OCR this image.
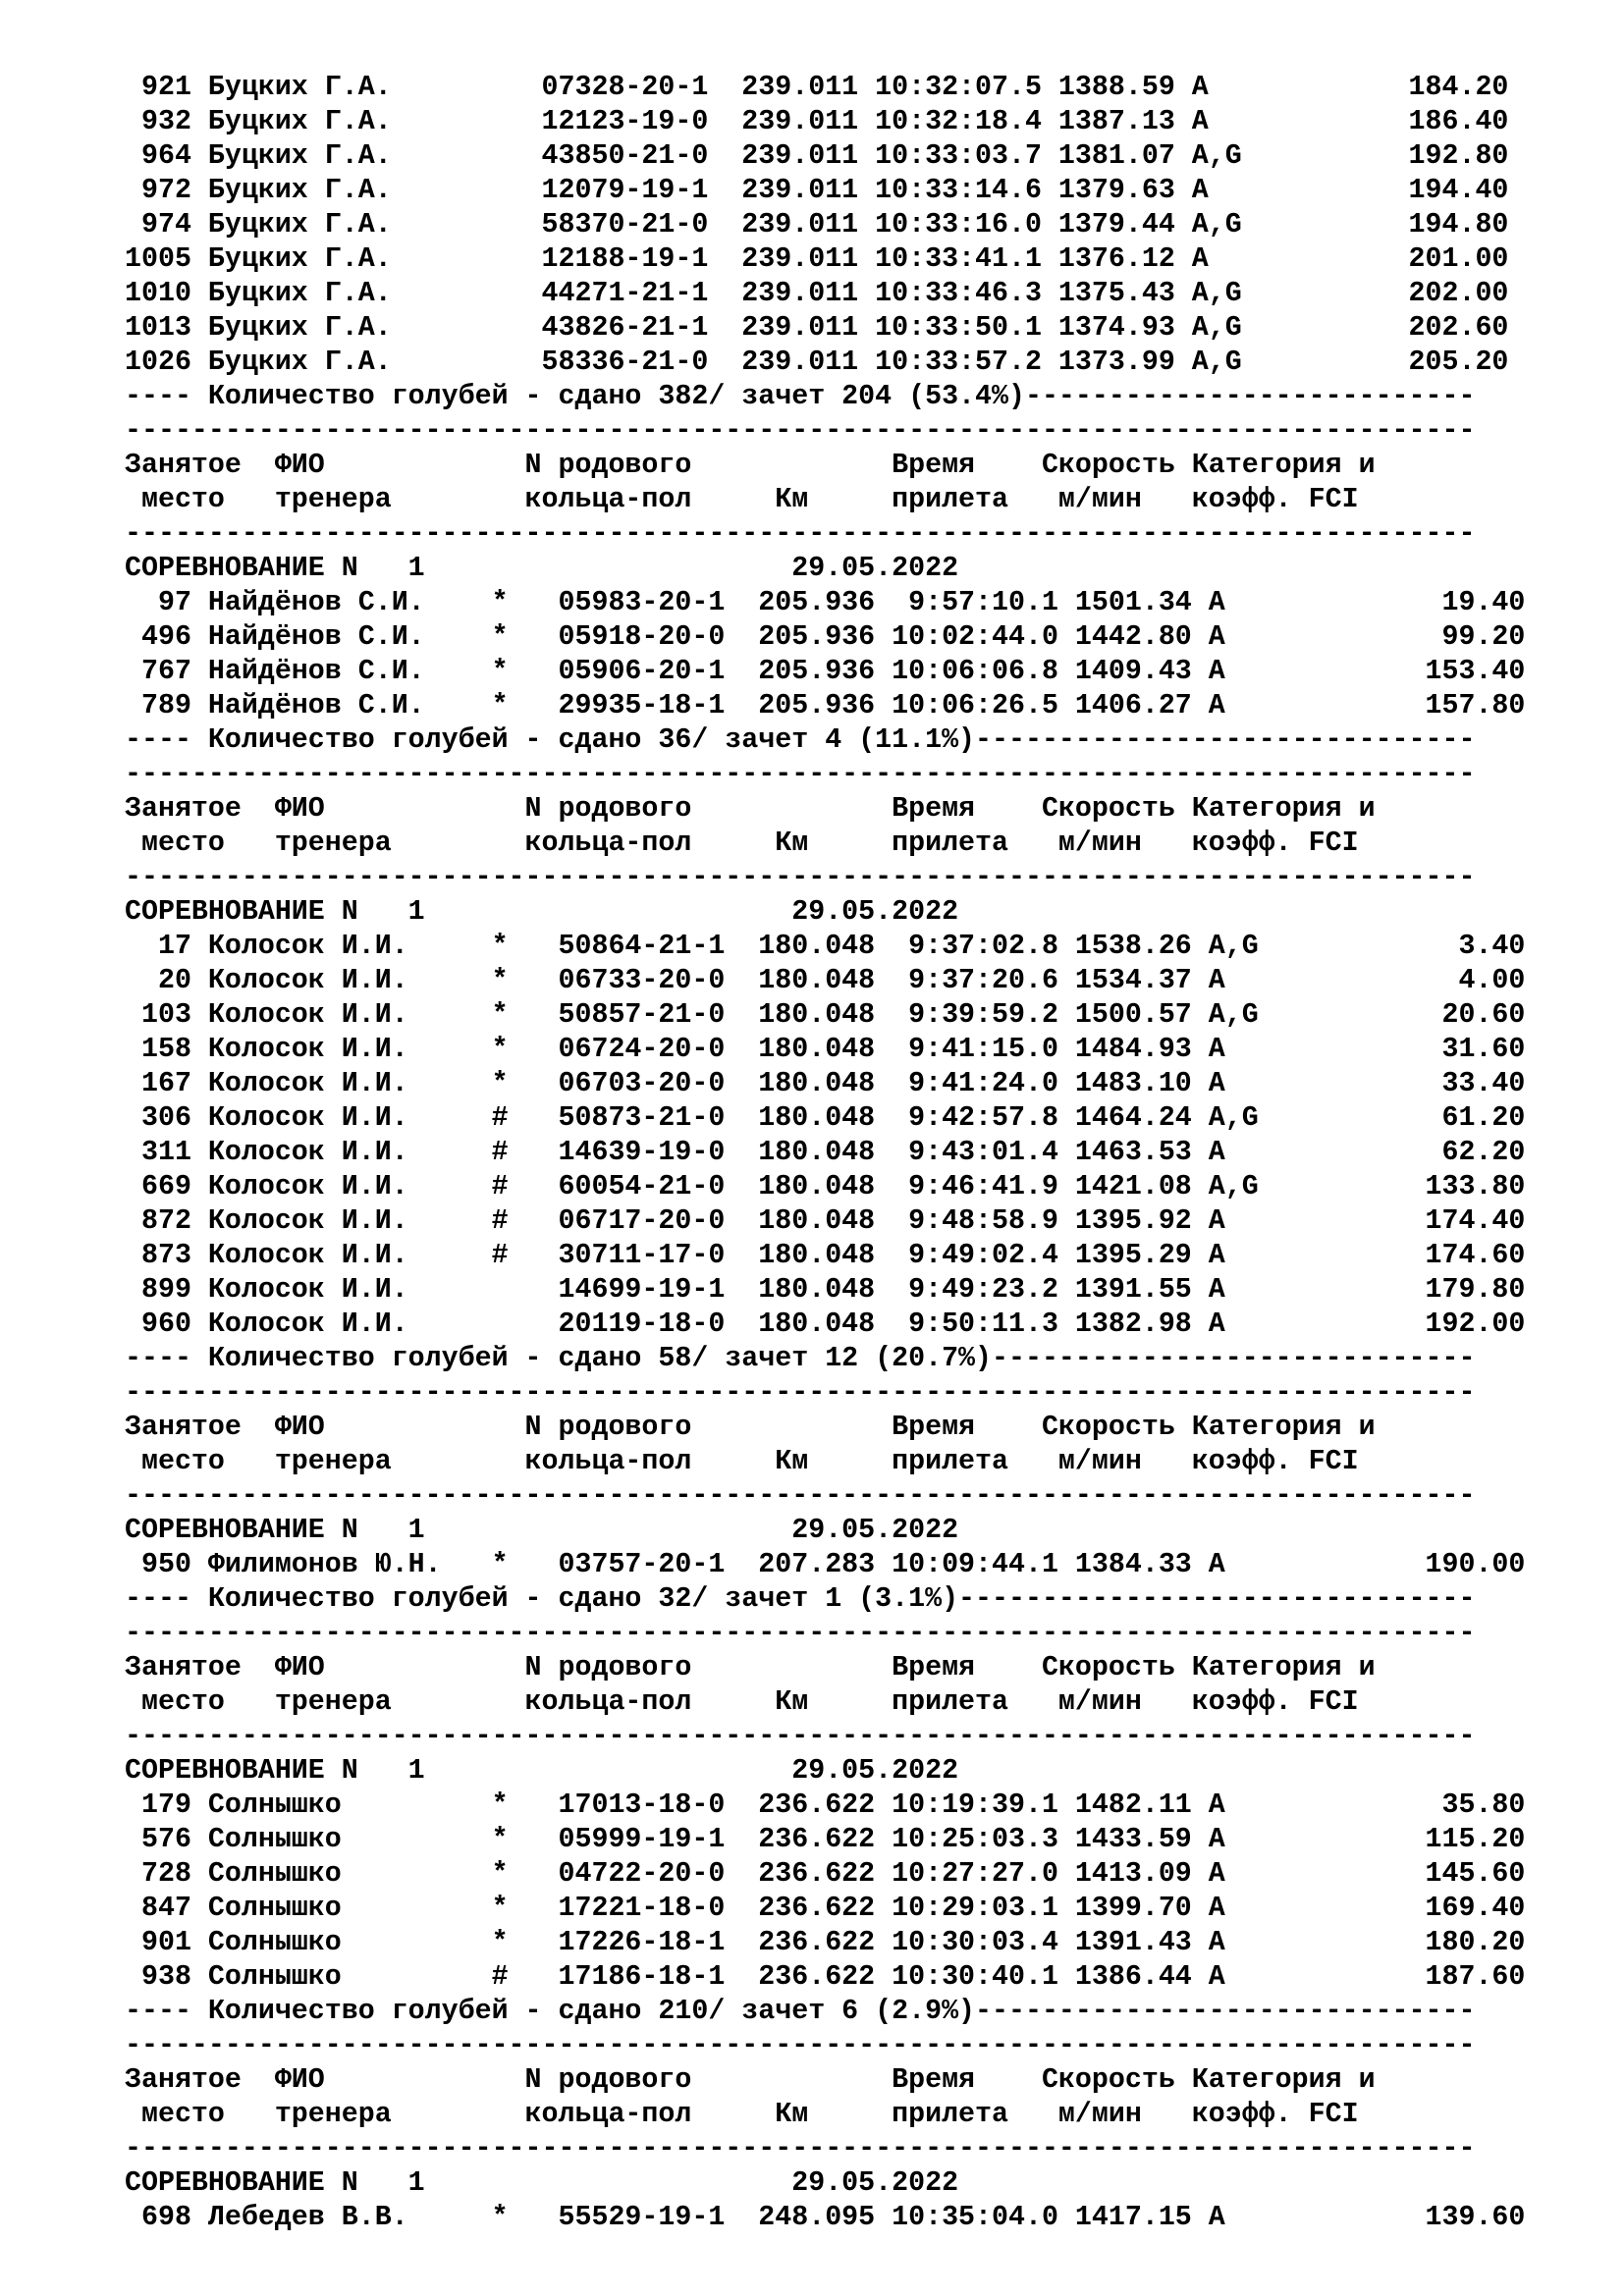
921 Буцких Г.А.         07328-20-1  239.011 10:32:07.5 1388.59 A            184.20
932 Буцких Г.А.         12123-19-0  239.011 10:32:18.4 1387.13 A            186.40
964 Буцких Г.А.         43850-21-0  239.011 10:33:03.7 1381.07 A,G          192.80
972 Буцких Г.А.         12079-19-1  239.011 10:33:14.6 1379.63 A            194.40
974 Буцких Г.А.         58370-21-0  239.011 10:33:16.0 1379.44 A,G          194.80
1005 Буцких Г.А.         12188-19-1  239.011 10:33:41.1 1376.12 A            201.00
1010 Буцких Г.А.         44271-21-1  239.011 10:33:46.3 1375.43 A,G          202.00
1013 Буцких Г.А.         43826-21-1  239.011 10:33:50.1 1374.93 A,G          202.60
1026 Буцких Г.А.         58336-21-0  239.011 10:33:57.2 1373.99 A,G          205.20
---- Количество голубей - сдано 382/ зачет 204 (53.4%)---------------------------
---------------------------------------------------------------------------------
Занятое  ФИО            N родового            Время    Скорость Категория и
место   тренера        кольца-пол     Км     прилета   м/мин   коэфф. FCI
---------------------------------------------------------------------------------
СОРЕВНОВАНИЕ N   1                      29.05.2022
97 Найдёнов С.И.    *   05983-20-1  205.936  9:57:10.1 1501.34 A             19.40
496 Найдёнов С.И.    *   05918-20-0  205.936 10:02:44.0 1442.80 A             99.20
767 Найдёнов С.И.    *   05906-20-1  205.936 10:06:06.8 1409.43 A            153.40
789 Найдёнов С.И.    *   29935-18-1  205.936 10:06:26.5 1406.27 A            157.80
---- Количество голубей - сдано 36/ зачет 4 (11.1%)------------------------------
---------------------------------------------------------------------------------
Занятое  ФИО            N родового            Время    Скорость Категория и
место   тренера        кольца-пол     Км     прилета   м/мин   коэфф. FCI
---------------------------------------------------------------------------------
СОРЕВНОВАНИЕ N   1                      29.05.2022
17 Колосок И.И.     *   50864-21-1  180.048  9:37:02.8 1538.26 A,G            3.40
20 Колосок И.И.     *   06733-20-0  180.048  9:37:20.6 1534.37 A              4.00
103 Колосок И.И.     *   50857-21-0  180.048  9:39:59.2 1500.57 A,G           20.60
158 Колосок И.И.     *   06724-20-0  180.048  9:41:15.0 1484.93 A             31.60
167 Колосок И.И.     *   06703-20-0  180.048  9:41:24.0 1483.10 A             33.40
306 Колосок И.И.     #   50873-21-0  180.048  9:42:57.8 1464.24 A,G           61.20
311 Колосок И.И.     #   14639-19-0  180.048  9:43:01.4 1463.53 A             62.20
669 Колосок И.И.     #   60054-21-0  180.048  9:46:41.9 1421.08 A,G          133.80
872 Колосок И.И.     #   06717-20-0  180.048  9:48:58.9 1395.92 A            174.40
873 Колосок И.И.     #   30711-17-0  180.048  9:49:02.4 1395.29 A            174.60
899 Колосок И.И.         14699-19-1  180.048  9:49:23.2 1391.55 A            179.80
960 Колосок И.И.         20119-18-0  180.048  9:50:11.3 1382.98 A            192.00
---- Количество голубей - сдано 58/ зачет 12 (20.7%)-----------------------------
---------------------------------------------------------------------------------
Занятое  ФИО            N родового            Время    Скорость Категория и
место   тренера        кольца-пол     Км     прилета   м/мин   коэфф. FCI
---------------------------------------------------------------------------------
СОРЕВНОВАНИЕ N   1                      29.05.2022
950 Филимонов Ю.Н.   *   03757-20-1  207.283 10:09:44.1 1384.33 A            190.00
---- Количество голубей - сдано 32/ зачет 1 (3.1%)-------------------------------
---------------------------------------------------------------------------------
Занятое  ФИО            N родового            Время    Скорость Категория и
место   тренера        кольца-пол     Км     прилета   м/мин   коэфф. FCI
---------------------------------------------------------------------------------
СОРЕВНОВАНИЕ N   1                      29.05.2022
179 Солнышко         *   17013-18-0  236.622 10:19:39.1 1482.11 A             35.80
576 Солнышко         *   05999-19-1  236.622 10:25:03.3 1433.59 A            115.20
728 Солнышко         *   04722-20-0  236.622 10:27:27.0 1413.09 A            145.60
847 Солнышко         *   17221-18-0  236.622 10:29:03.1 1399.70 A            169.40
901 Солнышко         *   17226-18-1  236.622 10:30:03.4 1391.43 A            180.20
938 Солнышко         #   17186-18-1  236.622 10:30:40.1 1386.44 A            187.60
---- Количество голубей - сдано 210/ зачет 6 (2.9%)------------------------------
---------------------------------------------------------------------------------
Занятое  ФИО            N родового            Время    Скорость Категория и
место   тренера        кольца-пол     Км     прилета   м/мин   коэфф. FCI
---------------------------------------------------------------------------------
СОРЕВНОВАНИЕ N   1                      29.05.2022
698 Лебедев В.В.     *   55529-19-1  248.095 10:35:04.0 1417.15 A            139.60
